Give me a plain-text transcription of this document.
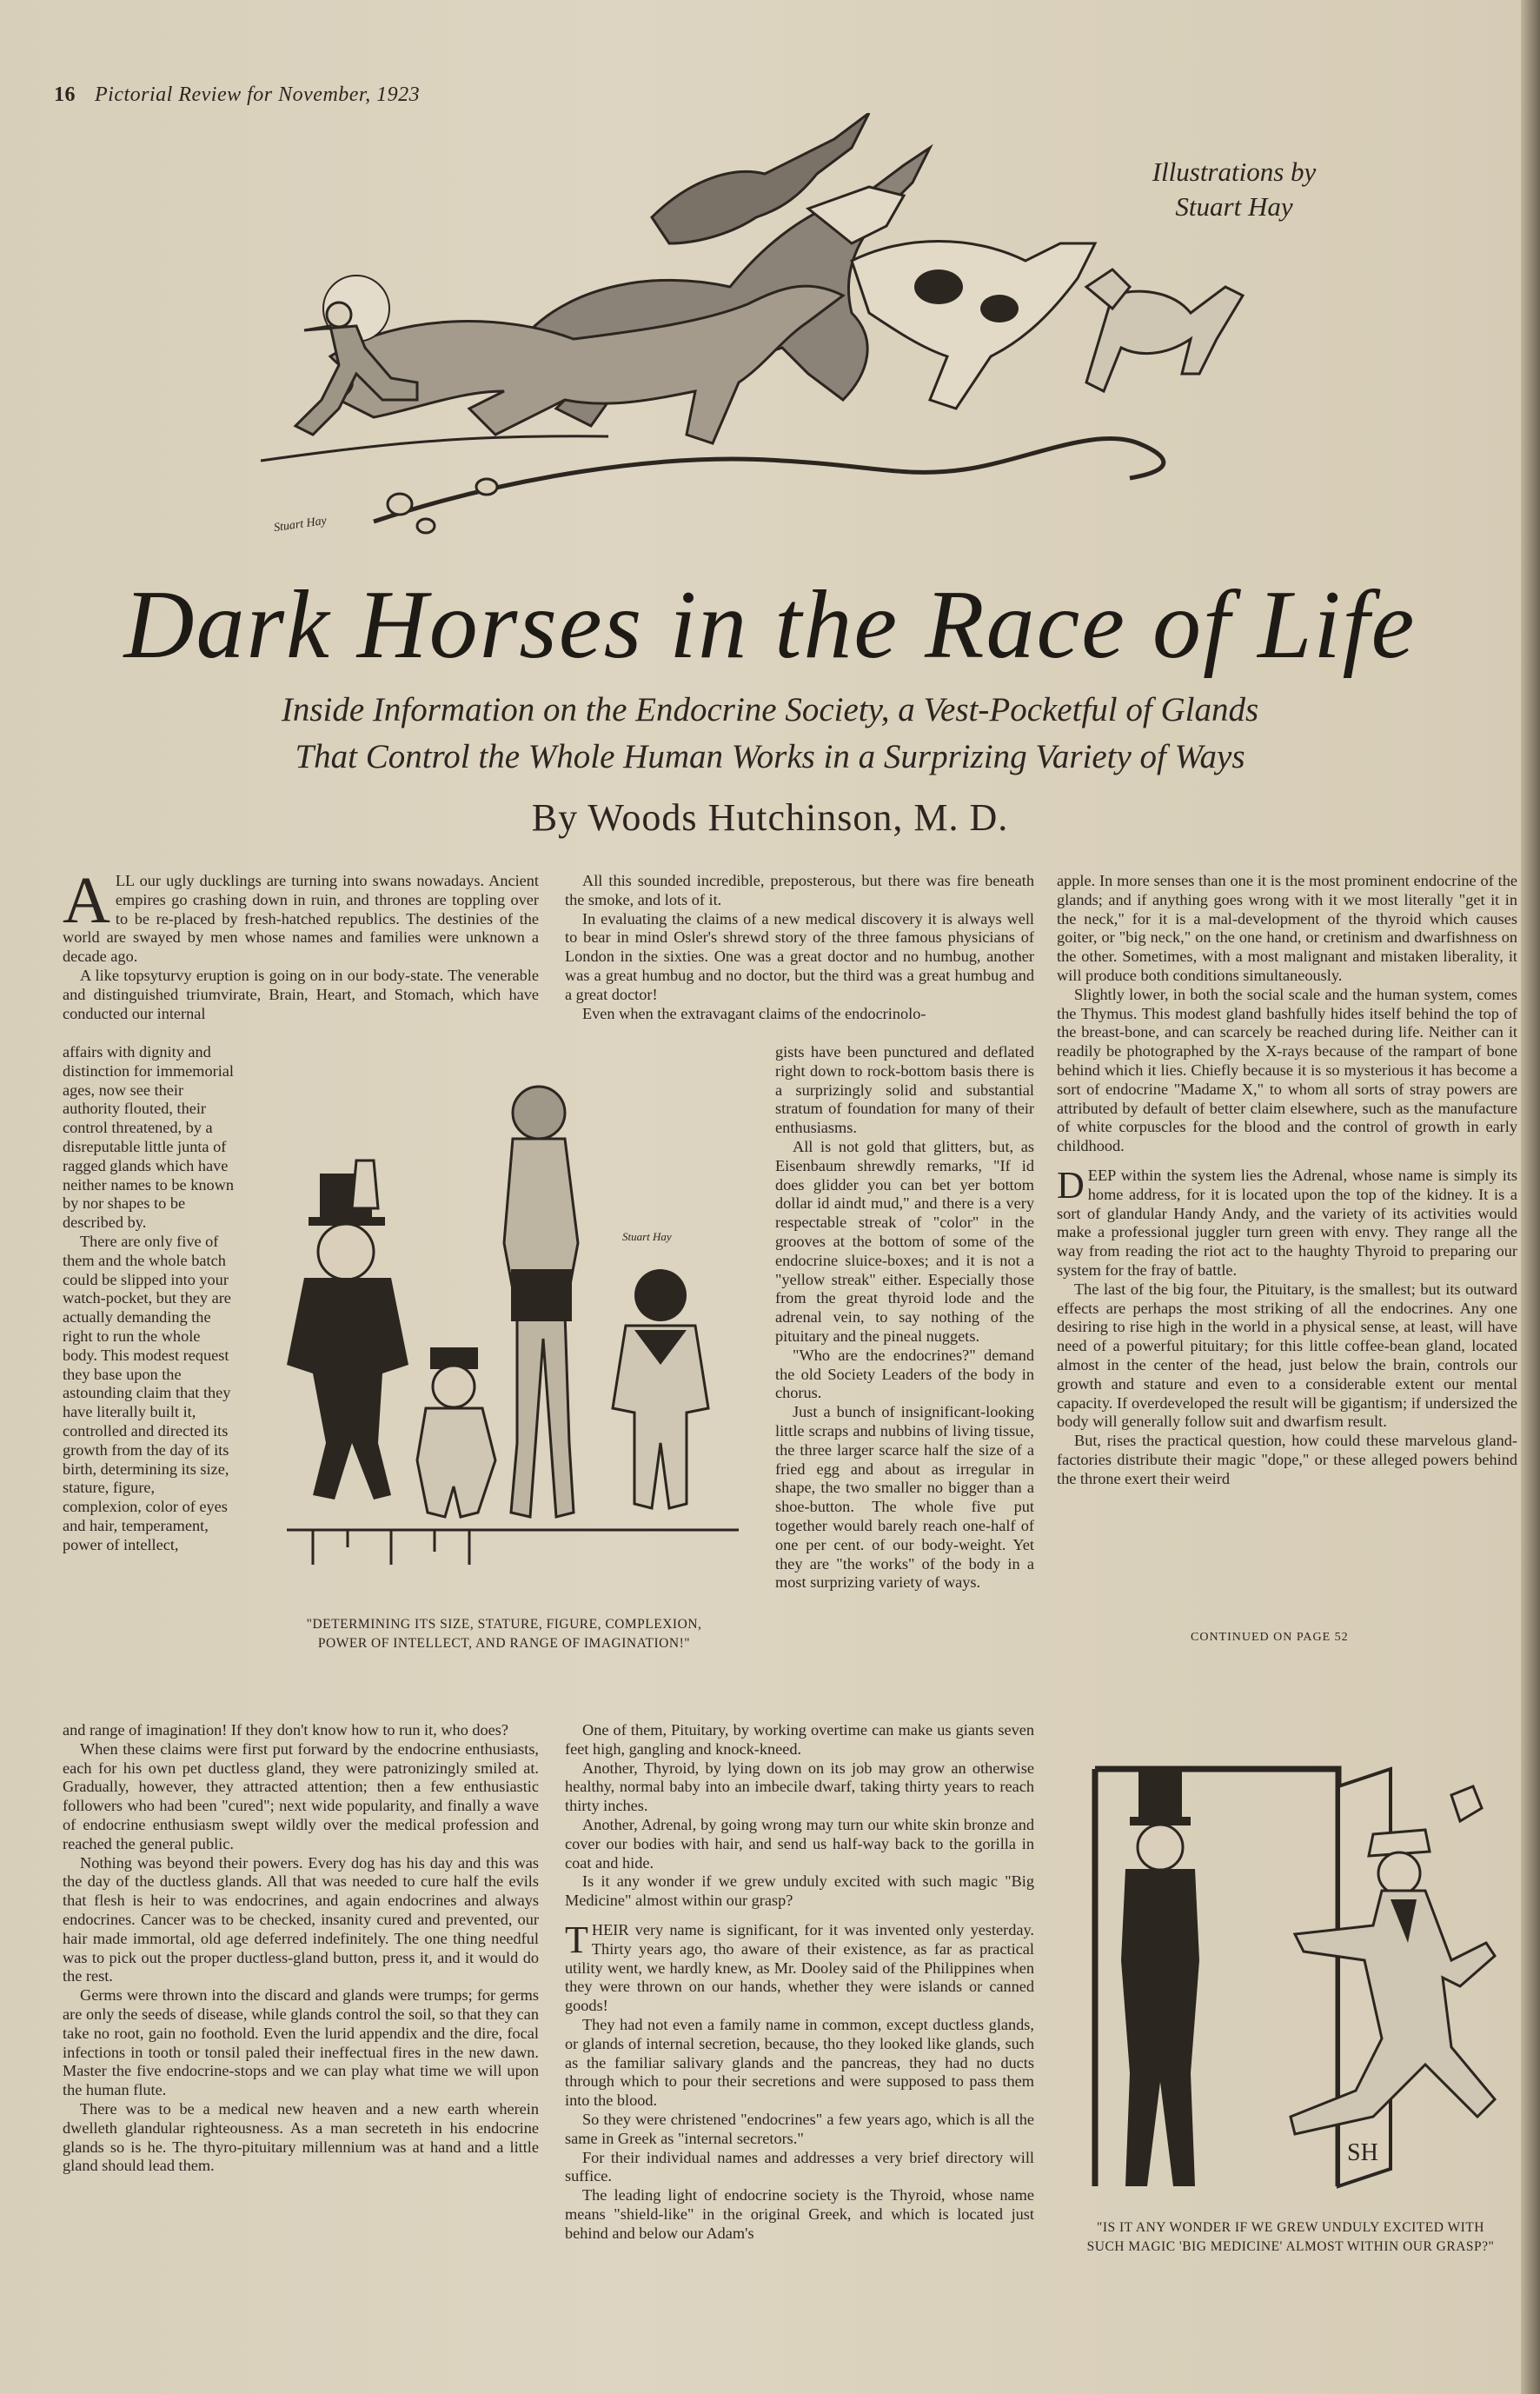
16 Pictorial Review for November, 1923
Illustrations by
Stuart Hay
Stuart Hay
Dark Horses in the Race of Life
Inside Information on the Endocrine Society, a Vest-Pocketful of Glands
That Control the Whole Human Works in a Surprizing Variety of Ways
By Woods Hutchinson, M. D.

ALL our ugly ducklings are turning into swans nowadays. Ancient empires go crashing down in ruin, and thrones are toppling over to be re-placed by fresh-hatched republics. The destinies of the world are swayed by men whose names and families were unknown a decade ago.

A like topsyturvy eruption is going on in our body-state. The venerable and distinguished triumvirate, Brain, Heart, and Stomach, which have conducted our internal

affairs with dignity and distinction for immemorial ages, now see their authority flouted, their control threatened, by a disreputable little junta of ragged glands which have neither names to be known by nor shapes to be described by.

There are only five of them and the whole batch could be slipped into your watch-pocket, but they are actually demanding the right to run the whole body. This modest request they base upon the astounding claim that they have literally built it, controlled and directed its growth from the day of its birth, determining its size, stature, figure, complexion, color of eyes and hair, temperament, power of intellect,

and range of imagination! If they don't know how to run it, who does?

When these claims were first put forward by the endocrine enthusiasts, each for his own pet ductless gland, they were patronizingly smiled at. Gradually, however, they attracted attention; then a few enthusiastic followers who had been "cured"; next wide popularity, and finally a wave of endocrine enthusiasm swept wildly over the medical profession and reached the general public.

Nothing was beyond their powers. Every dog has his day and this was the day of the ductless glands. All that was needed to cure half the evils that flesh is heir to was endocrines, and again endocrines and always endocrines. Cancer was to be checked, insanity cured and prevented, our hair made immortal, old age deferred indefinitely. The one thing needful was to pick out the proper ductless-gland button, press it, and it would do the rest.

Germs were thrown into the discard and glands were trumps; for germs are only the seeds of disease, while glands control the soil, so that they can take no root, gain no foothold. Even the lurid appendix and the dire, focal infections in tooth or tonsil paled their ineffectual fires in the new dawn. Master the five endocrine-stops and we can play what time we will upon the human flute.

There was to be a medical new heaven and a new earth wherein dwelleth glandular righteousness. As a man secreteth in his endocrine glands so is he. The thyro-pituitary millennium was at hand and a little gland should lead them.

Stuart Hay
"DETERMINING ITS SIZE, STATURE, FIGURE, COMPLEXION, POWER OF INTELLECT, AND RANGE OF IMAGINATION!"

All this sounded incredible, preposterous, but there was fire beneath the smoke, and lots of it.

In evaluating the claims of a new medical discovery it is always well to bear in mind Osler's shrewd story of the three famous physicians of London in the sixties. One was a great doctor and no humbug, another was a great humbug and no doctor, but the third was a great humbug and a great doctor!

Even when the extravagant claims of the endocrinolo-

gists have been punctured and deflated right down to rock-bottom basis there is a surprizingly solid and substantial stratum of foundation for many of their enthusiasms.

All is not gold that glitters, but, as Eisenbaum shrewdly remarks, "If id does glidder you can bet yer bottom dollar id aindt mud," and there is a very respectable streak of "color" in the grooves at the bottom of some of the endocrine sluice-boxes; and it is not a "yellow streak" either. Especially those from the great thyroid lode and the adrenal vein, to say nothing of the pituitary and the pineal nuggets.

"Who are the endocrines?" demand the old Society Leaders of the body in chorus.

Just a bunch of insignificant-looking little scraps and nubbins of living tissue, the three larger scarce half the size of a fried egg and about as irregular in shape, the two smaller no bigger than a shoe-button. The whole five put together would barely reach one-half of one per cent. of our body-weight. Yet they are "the works" of the body in a most surprizing variety of ways.

One of them, Pituitary, by working overtime can make us giants seven feet high, gangling and knock-kneed.

Another, Thyroid, by lying down on its job may grow an otherwise healthy, normal baby into an imbecile dwarf, taking thirty years to reach thirty inches.

Another, Adrenal, by going wrong may turn our white skin bronze and cover our bodies with hair, and send us half-way back to the gorilla in coat and hide.

Is it any wonder if we grew unduly excited with such magic "Big Medicine" almost within our grasp?

THEIR very name is significant, for it was invented only yesterday. Thirty years ago, tho aware of their existence, as far as practical utility went, we hardly knew, as Mr. Dooley said of the Philippines when they were thrown on our hands, whether they were islands or canned goods!

They had not even a family name in common, except ductless glands, or glands of internal secretion, because, tho they looked like glands, such as the familiar salivary glands and the pancreas, they had no ducts through which to pour their secretions and were supposed to pass them into the blood.

So they were christened "endocrines" a few years ago, which is all the same in Greek as "internal secretors."

For their individual names and addresses a very brief directory will suffice.

The leading light of endocrine society is the Thyroid, whose name means "shield-like" in the original Greek, and which is located just behind and below our Adam's

apple. In more senses than one it is the most prominent endocrine of the glands; and if anything goes wrong with it we most literally "get it in the neck," for it is a mal-development of the thyroid which causes goiter, or "big neck," on the one hand, or cretinism and dwarfishness on the other. Sometimes, with a most malignant and mistaken liberality, it will produce both conditions simultaneously.

Slightly lower, in both the social scale and the human system, comes the Thymus. This modest gland bashfully hides itself behind the top of the breast-bone, and can scarcely be reached during life. Neither can it readily be photographed by the X-rays because of the rampart of bone behind which it lies. Chiefly because it is so mysterious it has become a sort of endocrine "Madame X," to whom all sorts of stray powers are attributed by default of better claim elsewhere, such as the manufacture of white corpuscles for the blood and the control of growth in early childhood.

DEEP within the system lies the Adrenal, whose name is simply its home address, for it is located upon the top of the kidney. It is a sort of glandular Handy Andy, and the variety of its activities would make a professional juggler turn green with envy. They range all the way from reading the riot act to the haughty Thyroid to preparing our system for the fray of battle.

The last of the big four, the Pituitary, is the smallest; but its outward effects are perhaps the most striking of all the endocrines. Any one desiring to rise high in the world in a physical sense, at least, will have need of a powerful pituitary; for this little coffee-bean gland, located almost in the center of the head, just below the brain, controls our growth and stature and even to a considerable extent our mental capacity. If overdeveloped the result will be gigantism; if undersized the body will generally follow suit and dwarfism result.

But, rises the practical question, how could these marvelous gland-factories distribute their magic "dope," or these alleged powers behind the throne exert their weird

CONTINUED ON PAGE 52
SH
"IS IT ANY WONDER IF WE GREW UNDULY EXCITED WITH SUCH MAGIC 'BIG MEDICINE' ALMOST WITHIN OUR GRASP?"
